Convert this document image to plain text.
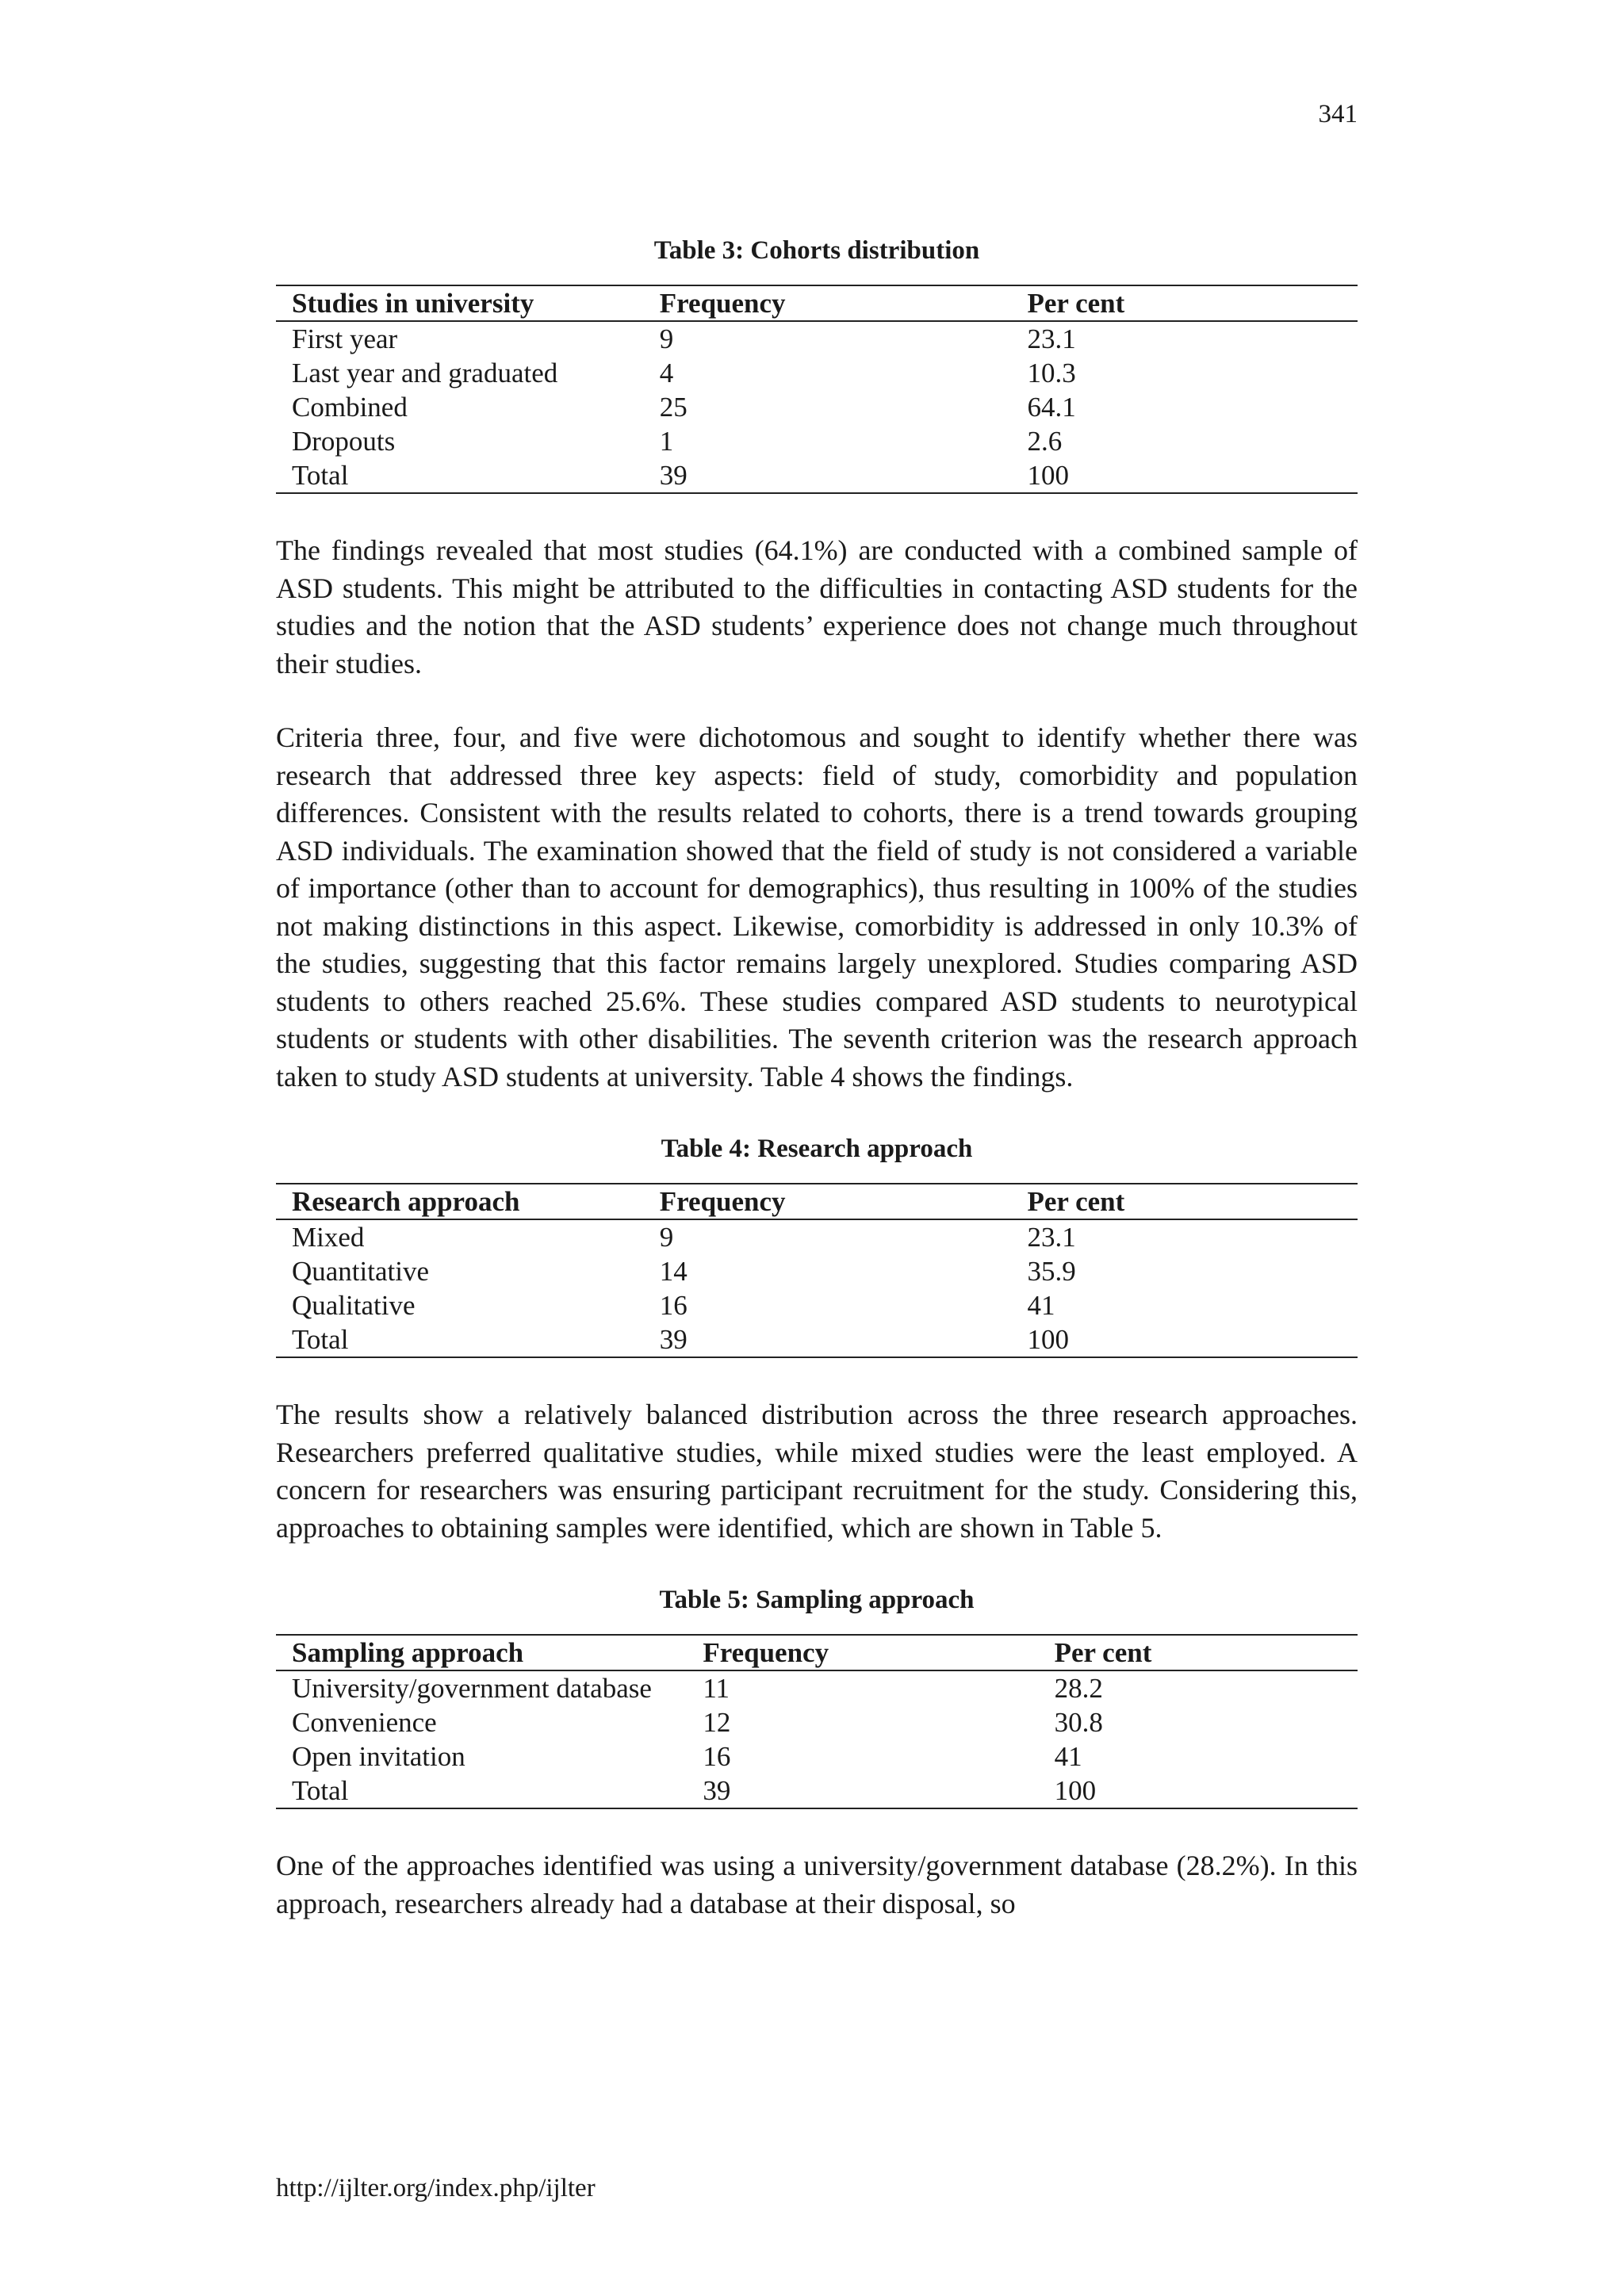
341
Table 3: Cohorts distribution
Studies in university	Frequency	Per cent
First year	9	23.1
Last year and graduated	4	10.3
Combined	25	64.1
Dropouts	1	2.6
Total	39	100

The findings revealed that most studies (64.1%) are conducted with a combined sample of ASD students. This might be attributed to the difficulties in contacting ASD students for the studies and the notion that the ASD students’ experience does not change much throughout their studies.

Criteria three, four, and five were dichotomous and sought to identify whether there was research that addressed three key aspects: field of study, comorbidity and population differences. Consistent with the results related to cohorts, there is a trend towards grouping ASD individuals. The examination showed that the field of study is not considered a variable of importance (other than to account for demographics), thus resulting in 100% of the studies not making distinctions in this aspect. Likewise, comorbidity is addressed in only 10.3% of the studies, suggesting that this factor remains largely unexplored. Studies comparing ASD students to others reached 25.6%. These studies compared ASD students to neurotypical students or students with other disabilities. The seventh criterion was the research approach taken to study ASD students at university. Table 4 shows the findings.

Table 4: Research approach
Research approach	Frequency	Per cent
Mixed	9	23.1
Quantitative	14	35.9
Qualitative	16	41
Total	39	100

The results show a relatively balanced distribution across the three research approaches. Researchers preferred qualitative studies, while mixed studies were the least employed. A concern for researchers was ensuring participant recruitment for the study. Considering this, approaches to obtaining samples were identified, which are shown in Table 5.

Table 5: Sampling approach
Sampling approach	Frequency	Per cent
University/government database	11	28.2
Convenience	12	30.8
Open invitation	16	41
Total	39	100

One of the approaches identified was using a university/government database (28.2%). In this approach, researchers already had a database at their disposal, so

http://ijlter.org/index.php/ijlter
